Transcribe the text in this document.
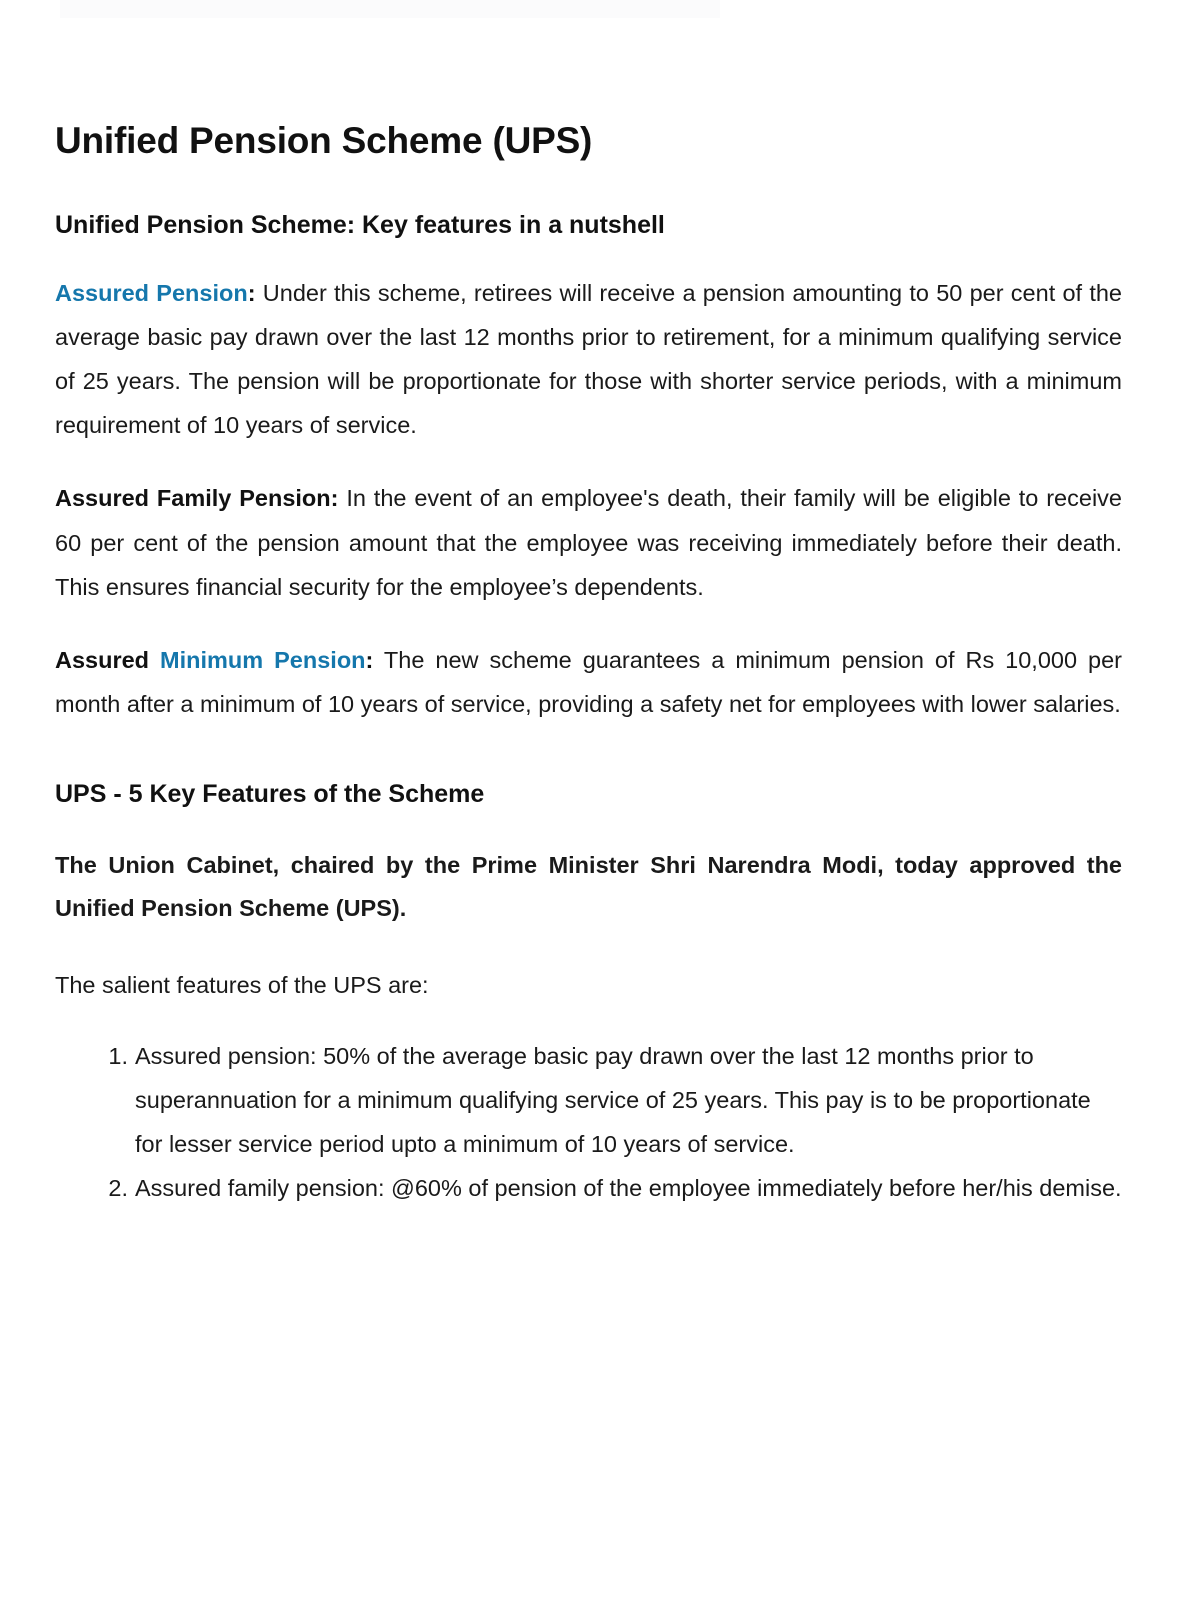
Unified Pension Scheme (UPS)
Unified Pension Scheme: Key features in a nutshell

Assured Pension: Under this scheme, retirees will receive a pension amounting to 50 per cent of the average basic pay drawn over the last 12 months prior to retirement, for a minimum qualifying service of 25 years. The pension will be proportionate for those with shorter service periods, with a minimum requirement of 10 years of service.

Assured Family Pension: In the event of an employee's death, their family will be eligible to receive 60 per cent of the pension amount that the employee was receiving immediately before their death. This ensures financial security for the employee’s dependents.

Assured Minimum Pension: The new scheme guarantees a minimum pension of Rs 10,000 per month after a minimum of 10 years of service, providing a safety net for employees with lower salaries.

UPS - 5 Key Features of the Scheme

The Union Cabinet, chaired by the Prime Minister Shri Narendra Modi, today approved the Unified Pension Scheme (UPS).

The salient features of the UPS are:

Assured pension: 50% of the average basic pay drawn over the last 12 months prior to superannuation for a minimum qualifying service of 25 years. This pay is to be proportionate for lesser service period upto a minimum of 10 years of service.
Assured family pension: @60% of pension of the employee immediately before her/his demise.
